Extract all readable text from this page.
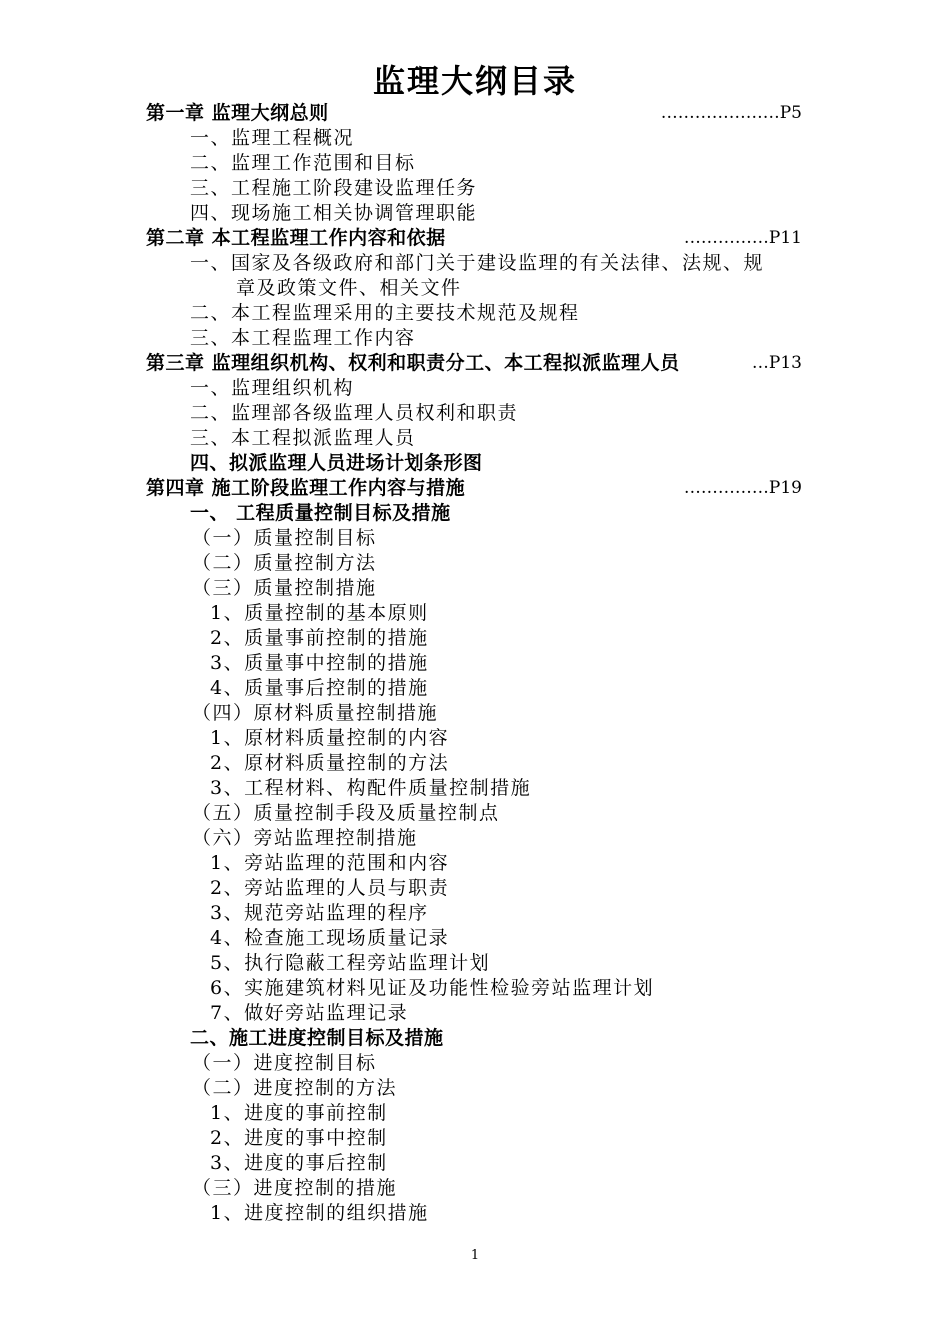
监理大纲目录
第一章 监理大纲总则	…………………P5
一、监理工程概况
二、监理工作范围和目标
三、工程施工阶段建设监理任务
四、现场施工相关协调管理职能
第二章 本工程监理工作内容和依据	……………P11
一、国家及各级政府和部门关于建设监理的有关法律、法规、规
章及政策文件、相关文件
二、本工程监理采用的主要技术规范及规程
三、本工程监理工作内容
第三章 监理组织机构、权利和职责分工、本工程拟派监理人员	…P13
一、监理组织机构
二、监理部各级监理人员权利和职责
三、本工程拟派监理人员
四、拟派监理人员进场计划条形图
第四章 施工阶段监理工作内容与措施	……………P19
一、 工程质量控制目标及措施
（一）质量控制目标
（二）质量控制方法
（三）质量控制措施
1、质量控制的基本原则
2、质量事前控制的措施
3、质量事中控制的措施
4、质量事后控制的措施
（四）原材料质量控制措施
1、原材料质量控制的内容
2、原材料质量控制的方法
3、工程材料、构配件质量控制措施
（五）质量控制手段及质量控制点
（六）旁站监理控制措施
1、旁站监理的范围和内容
2、旁站监理的人员与职责
3、规范旁站监理的程序
4、检查施工现场质量记录
5、执行隐蔽工程旁站监理计划
6、实施建筑材料见证及功能性检验旁站监理计划
7、做好旁站监理记录
二、施工进度控制目标及措施
（一）进度控制目标
（二）进度控制的方法
1、进度的事前控制
2、进度的事中控制
3、进度的事后控制
（三）进度控制的措施
1、进度控制的组织措施
1
